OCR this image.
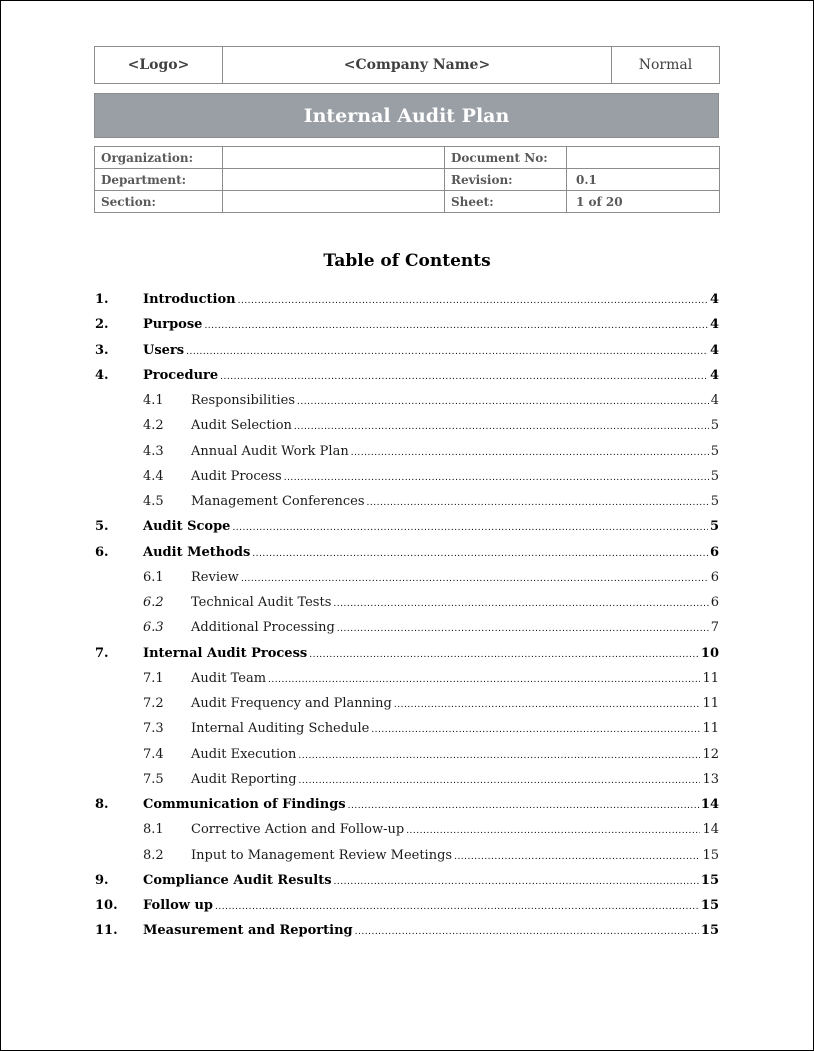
<Logo>	<Company Name>	Normal
Internal Audit Plan
Organization:		Document No:	
Department:		Revision:	0.1
Section:		Sheet:	1 of 20
Table of Contents
1.	Introduction .....	4
2.	Purpose .....	4
3.	Users .....	4
4.	Procedure .....	4
4.1 Responsibilities .....	4
4.2 Audit Selection .....	5
4.3 Annual Audit Work Plan .....	5
4.4 Audit Process .....	5
4.5 Management Conferences .....	5
5.	Audit Scope .....	5
6.	Audit Methods .....	6
6.1 Review .....	6
6.2 Technical Audit Tests .....	6
6.3 Additional Processing .....	7
7.	Internal Audit Process .....	10
7.1 Audit Team .....	11
7.2 Audit Frequency and Planning .....	11
7.3 Internal Auditing Schedule .....	11
7.4 Audit Execution .....	12
7.5 Audit Reporting .....	13
8.	Communication of Findings .....	14
8.1 Corrective Action and Follow-up .....	14
8.2 Input to Management Review Meetings .....	15
9.	Compliance Audit Results .....	15
10. Follow up .....	15
11. Measurement and Reporting .....	15
